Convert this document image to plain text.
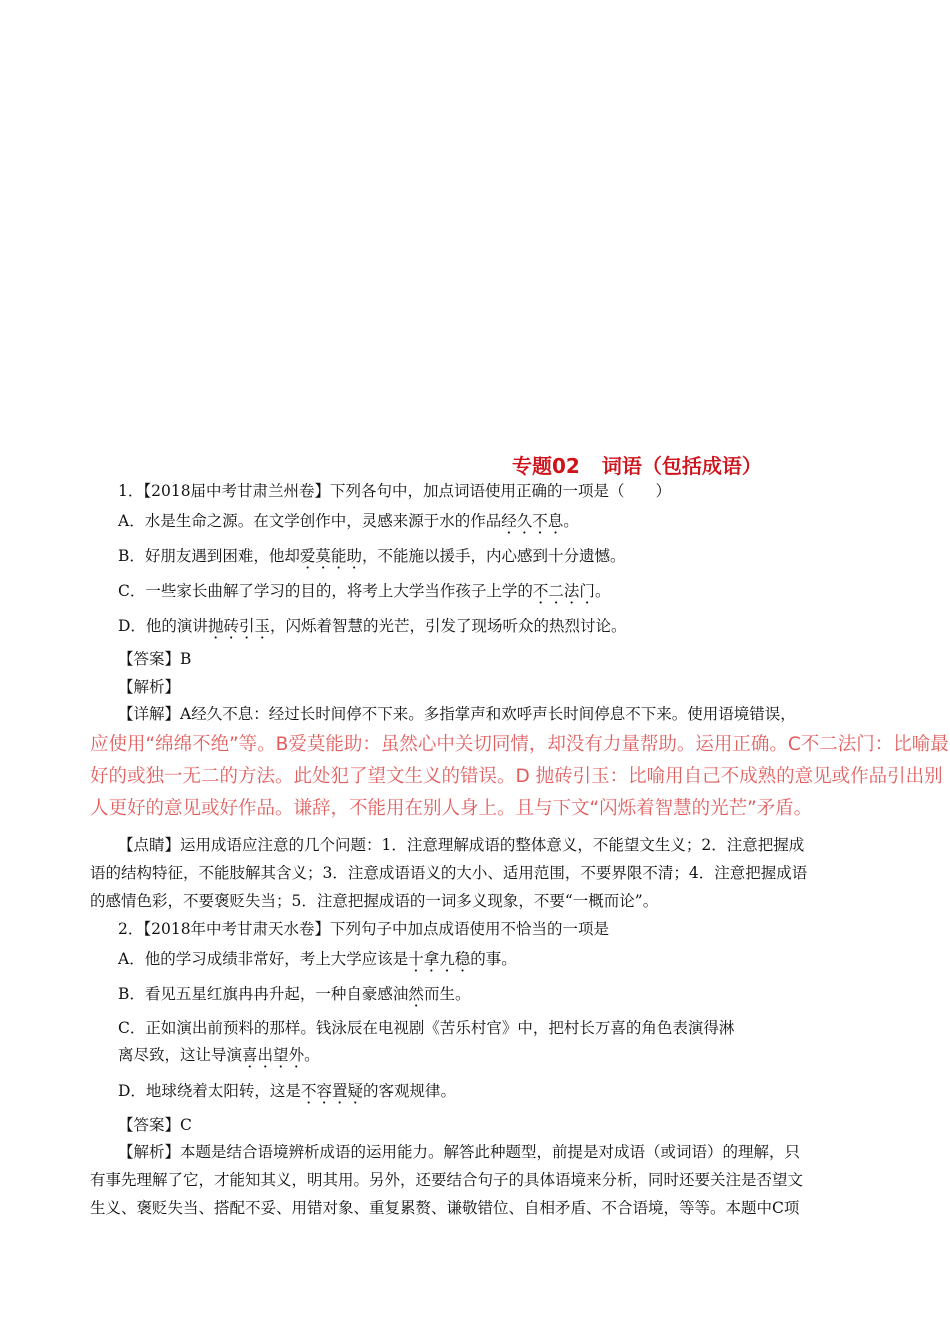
专题02 词语（包括成语）
1．【2018届中考甘肃兰州卷】下列各句中，加点词语使用正确的一项是（　　）
A．水是生命之源。在文学创作中，灵感来源于水的作品经久不息。
B．好朋友遇到困难，他却爱莫能助，不能施以援手，内心感到十分遗憾。
C．一些家长曲解了学习的目的，将考上大学当作孩子上学的不二法门。
D．他的演讲抛砖引玉，闪烁着智慧的光芒，引发了现场听众的热烈讨论。
【答案】B
【解析】
【详解】A经久不息：经过长时间停不下来。多指掌声和欢呼声长时间停息不下来。使用语境错误，
应使用“绵绵不绝”等。B爱莫能助：虽然心中关切同情，却没有力量帮助。运用正确。C不二法门：比喻最
好的或独一无二的方法。此处犯了望文生义的错误。D 抛砖引玉：比喻用自己不成熟的意见或作品引出别
人更好的意见或好作品。谦辞，不能用在别人身上。且与下文“闪烁着智慧的光芒”矛盾。
【点睛】运用成语应注意的几个问题：1．注意理解成语的整体意义，不能望文生义；2．注意把握成
语的结构特征，不能肢解其含义；3．注意成语语义的大小、适用范围，不要界限不清；4．注意把握成语
的感情色彩，不要褒贬失当；5．注意把握成语的一词多义现象，不要“一概而论”。
2．【2018年中考甘肃天水卷】下列句子中加点成语使用不恰当的一项是
A．他的学习成绩非常好，考上大学应该是十拿九稳的事。
B．看见五星红旗冉冉升起，一种自豪感油然而生。
C．正如演出前预料的那样。钱泳辰在电视剧《苦乐村官》中，把村长万喜的角色表演得淋
离尽致，这让导演喜出望外。
D．地球绕着太阳转，这是不容置疑的客观规律。
【答案】C
【解析】本题是结合语境辨析成语的运用能力。解答此种题型，前提是对成语（或词语）的理解，只
有事先理解了它，才能知其义，明其用。另外，还要结合句子的具体语境来分析，同时还要关注是否望文
生义、褒贬失当、搭配不妥、用错对象、重复累赘、谦敬错位、自相矛盾、不合语境，等等。本题中C项
